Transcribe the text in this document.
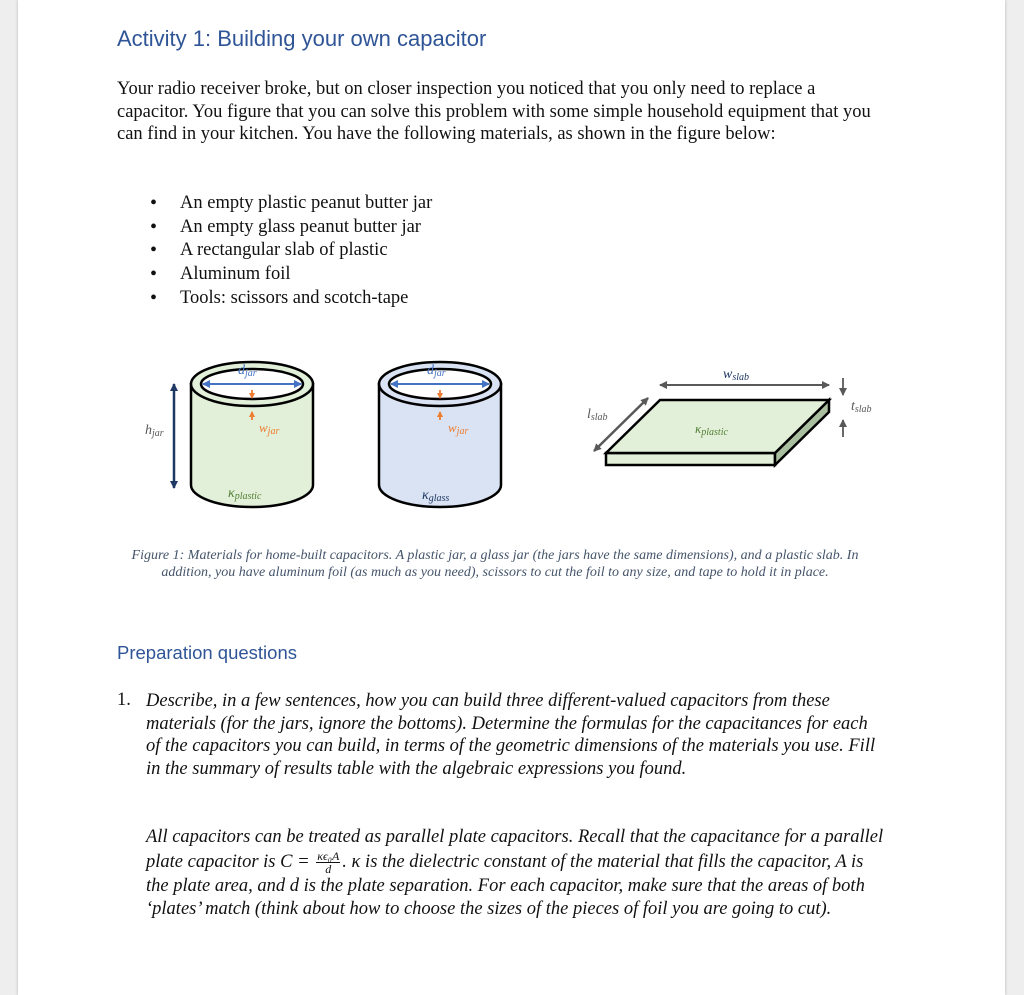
Activity 1: Building your own capacitor

Your radio receiver broke, but on closer inspection you noticed that you only need to replace a capacitor. You figure that you can solve this problem with some simple household equipment that you can find in your kitchen. You have the following materials, as shown in the figure below:

• An empty plastic peanut butter jar
• An empty glass peanut butter jar
• A rectangular slab of plastic
• Aluminum foil
• Tools: scissors and scotch-tape
djar
wjar
κplastic
hjar
djar
wjar
κglass
κplastic
wslab
lslab
tslab
Figure 1: Materials for home-built capacitors. A plastic jar, a glass jar (the jars have the same dimensions), and a plastic slab. In addition, you have aluminum foil (as much as you need), scissors to cut the foil to any size, and tape to hold it in place.
Preparation questions
1. Describe, in a few sentences, how you can build three different-valued capacitors from these materials (for the jars, ignore the bottoms). Determine the formulas for the capacitances for each of the capacitors you can build, in terms of the geometric dimensions of the materials you use. Fill in the summary of results table with the algebraic expressions you found.

All capacitors can be treated as parallel plate capacitors. Recall that the capacitance for a parallel plate capacitor is $C = \frac{\text{κϵ₀A}}{d}$ . κ is the dielectric constant of the material that fills the capacitor, A is the plate area, and d is the plate separation. For each capacitor, make sure that the areas of both ‘plates’ match (think about how to choose the sizes of the pieces of foil you are going to cut).
